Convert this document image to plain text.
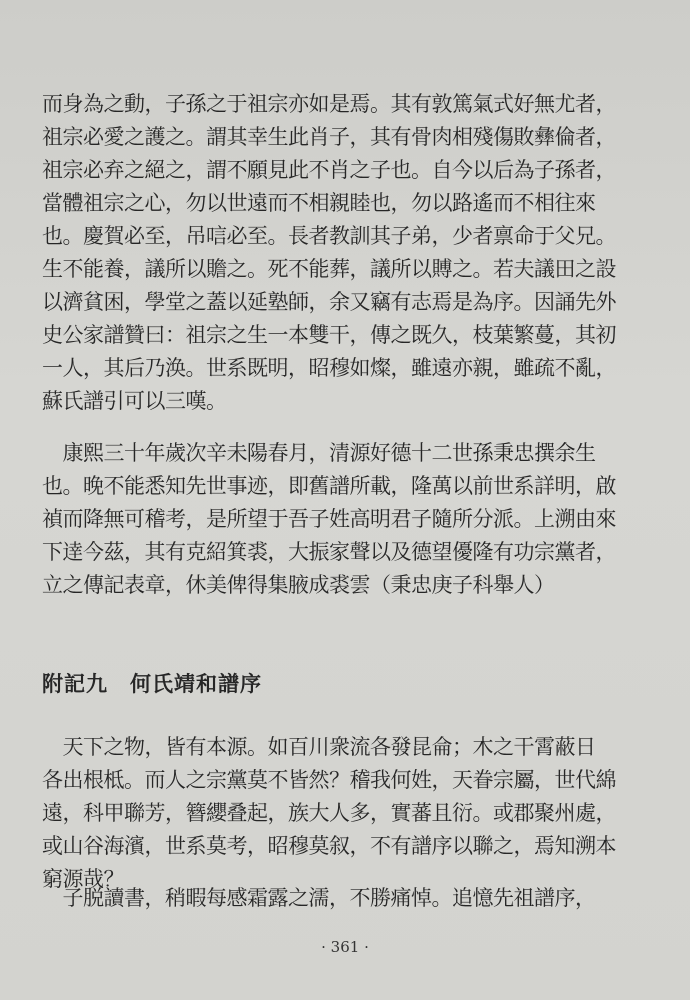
而身為之動，子孫之于祖宗亦如是焉。其有敦篤氣式好無尤者，
祖宗必愛之護之。謂其幸生此肖子，其有骨肉相殘傷敗彝倫者，
祖宗必弃之絕之，謂不願見此不肖之子也。自今以后為子孫者，
當體祖宗之心，勿以世遠而不相親睦也，勿以路遙而不相往來
也。慶賀必至，吊唁必至。長者教訓其子弟，少者禀命于父兄。
生不能養，議所以贍之。死不能葬，議所以賻之。若夫議田之設
以濟貧困，學堂之蓋以延塾師，余又竊有志焉是為序。因誦先外
史公家譜贊曰：祖宗之生一本雙干，傳之既久，枝葉繁蔓，其初
一人，其后乃涣。世系既明，昭穆如燦，雖遠亦親，雖疏不亂，
蘇氏譜引可以三嘆。
　康熙三十年歲次辛未陽春月，清源好德十二世孫秉忠撰余生
也。晚不能悉知先世事迹，即舊譜所載，隆萬以前世系詳明，啟
禎而降無可稽考，是所望于吾子姓高明君子隨所分派。上溯由來
下逹今茲，其有克紹箕裘，大振家聲以及德望優隆有功宗黨者，
立之傳記表章，休美俾得集腋成裘雲（秉忠庚子科舉人）
附記九 何氏靖和譜序
　天下之物，皆有本源。如百川衆流各發昆侖；木之干霄蔽日
各出根柢。而人之宗黨莫不皆然？稽我何姓，天眷宗屬，世代綿
遠，科甲聯芳，簪纓叠起，族大人多，實蕃且衍。或郡聚州處，
或山谷海濱，世系莫考，昭穆莫叙，不有譜序以聯之，焉知溯本
窮源哉？
　子脱讀書，稍暇每感霜露之濡，不勝痛悼。追憶先祖譜序，
· 361 ·
